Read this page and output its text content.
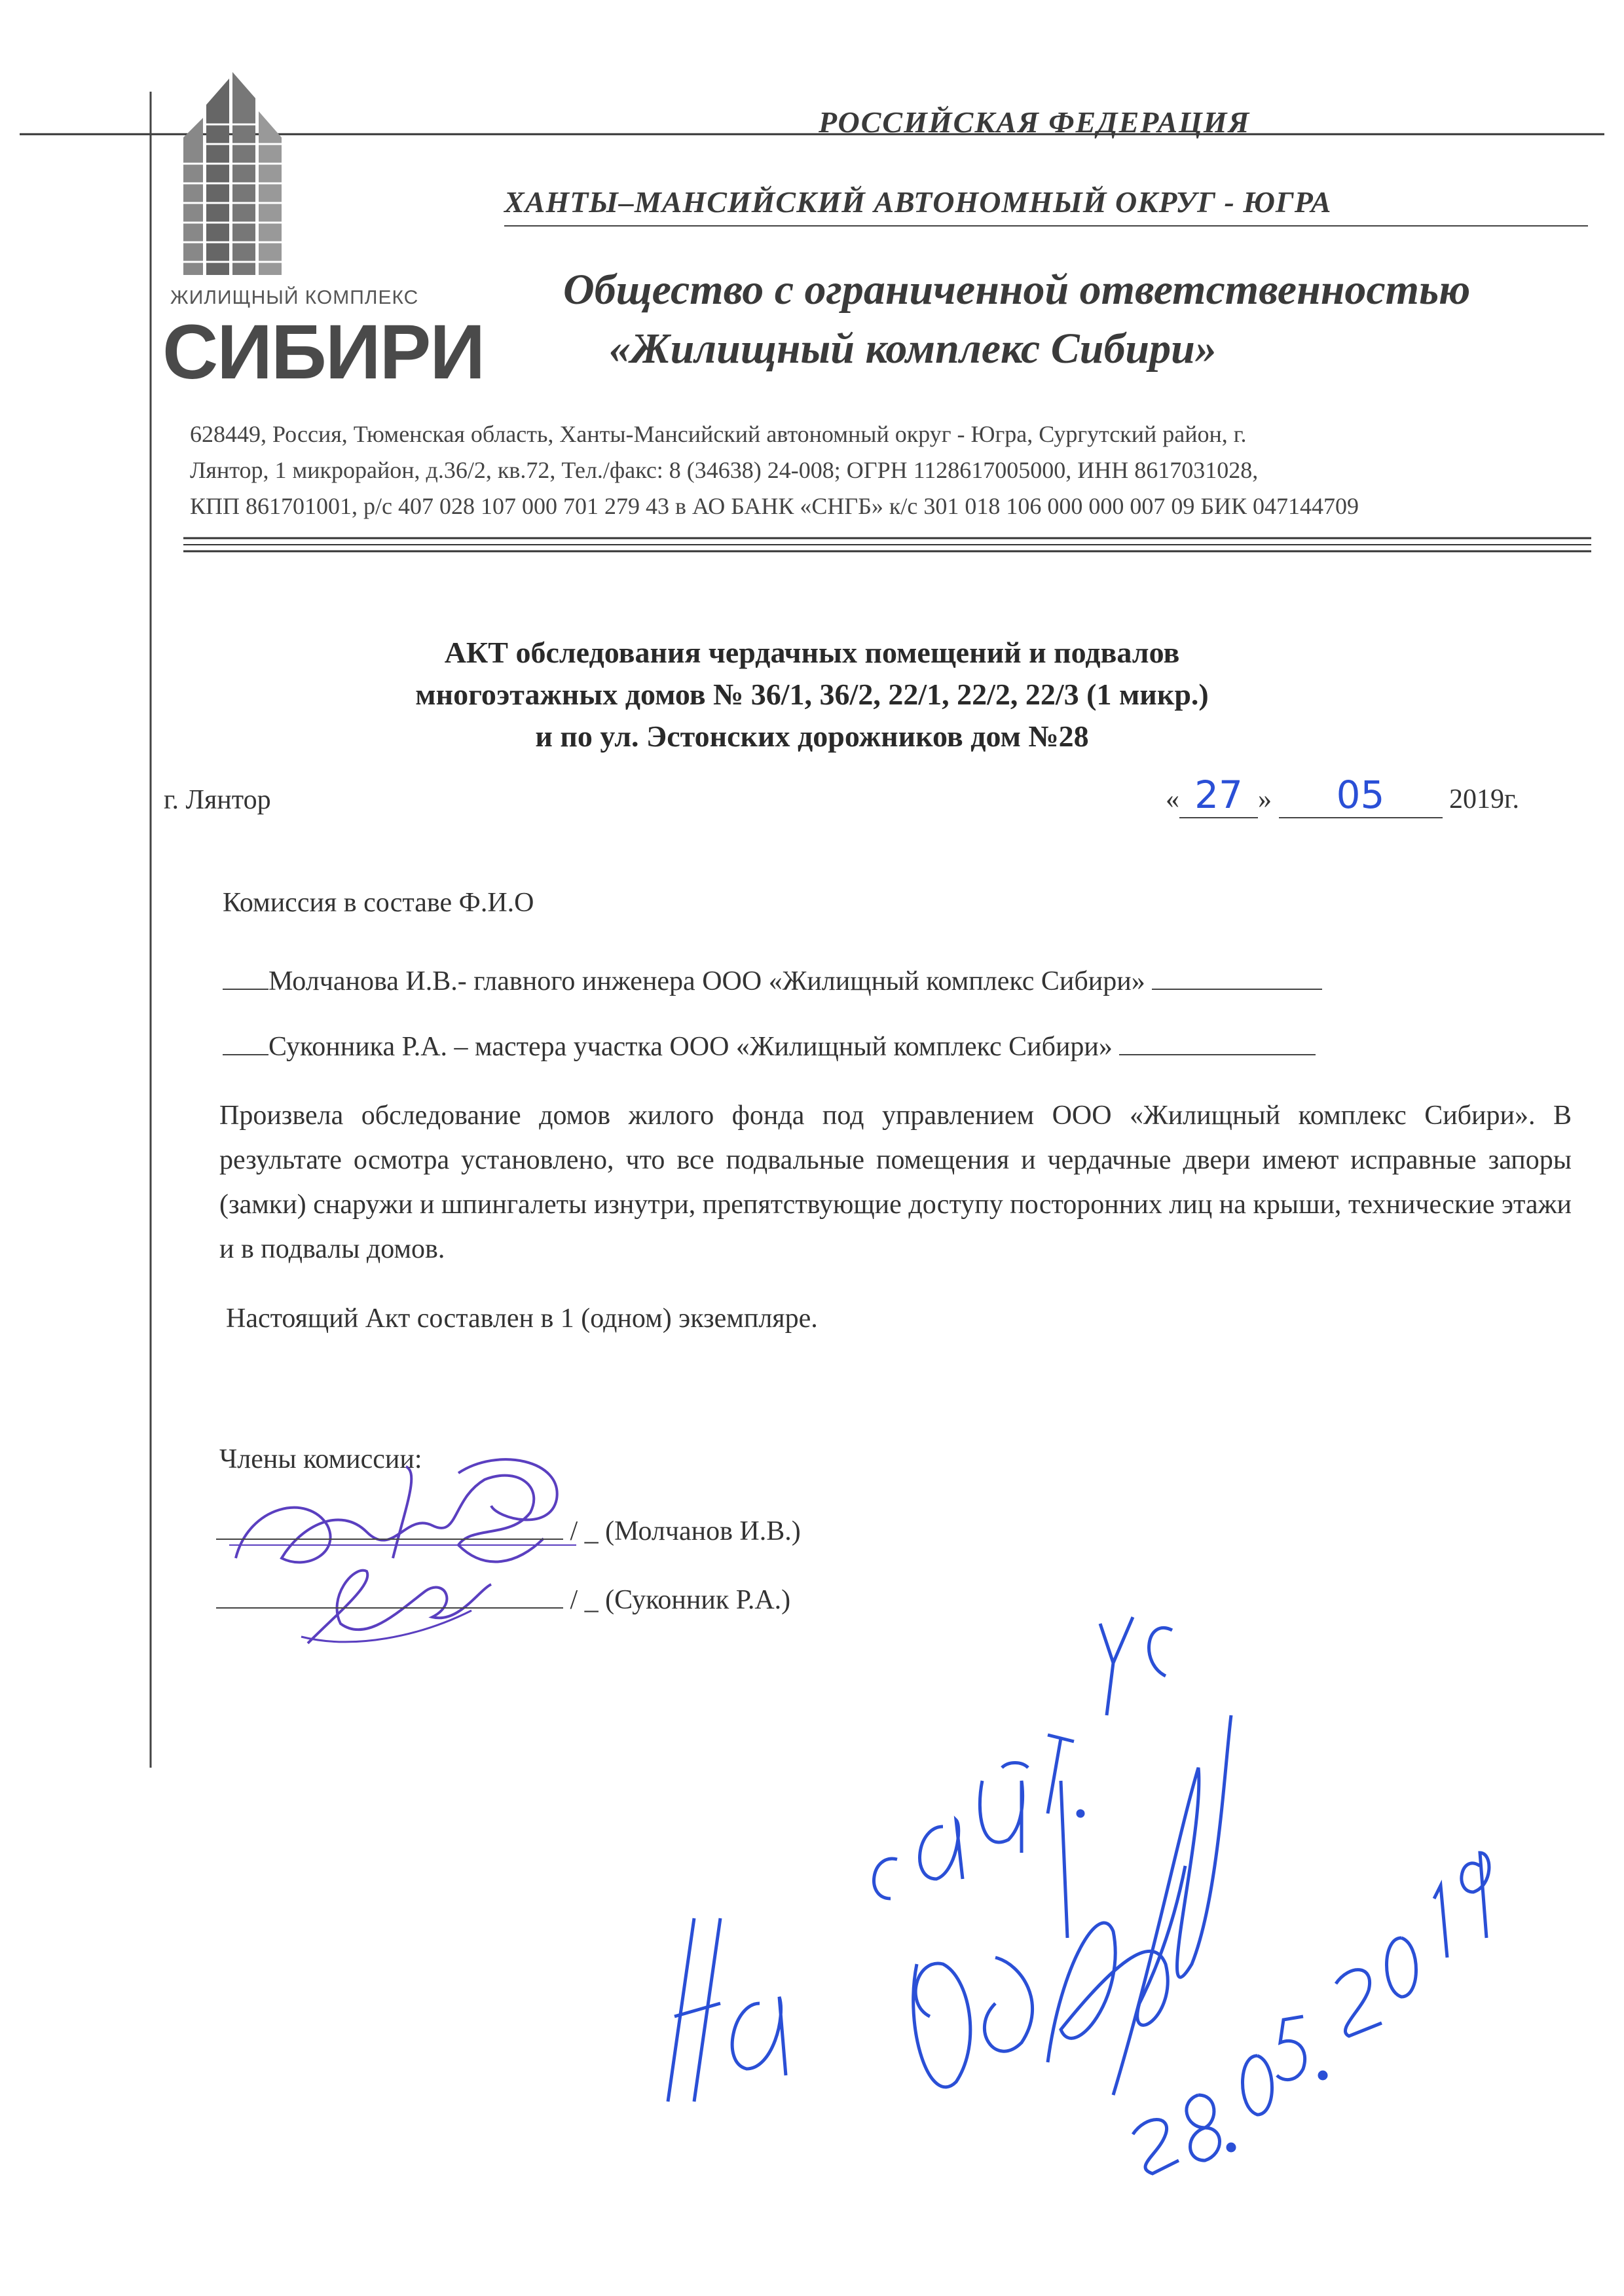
ЖИЛИЩНЫЙ КОМПЛЕКС
СИБИРИ
РОССИЙСКАЯ ФЕДЕРАЦИЯ
ХАНТЫ–МАНСИЙСКИЙ АВТОНОМНЫЙ ОКРУГ - ЮГРА
Общество с ограниченной ответственностью
«Жилищный комплекс Сибири»
628449, Россия, Тюменская область, Ханты-Мансийский автономный округ - Югра, Сургутский район, г.
Лянтор, 1 микрорайон, д.36/2, кв.72, Тел./факс: 8 (34638) 24-008; ОГРН 1128617005000, ИНН 8617031028,
КПП 861701001, р/с 407 028 107 000 701 279 43 в АО БАНК «СНГБ» к/с 301 018 106 000 000 007 09 БИК 047144709
АКТ обследования чердачных помещений и подвалов
многоэтажных домов № 36/1, 36/2, 22/1, 22/2, 22/3 (1 микр.)
и по ул. Эстонских дорожников дом №28
г. Лянтор	« 27 » 05 2019г.
Комиссия в составе Ф.И.О
Молчанова И.В.- главного инженера ООО «Жилищный комплекс Сибири»
Суконника Р.А. – мастера участка ООО «Жилищный комплекс Сибири»
Произвела обследование домов жилого фонда под управлением ООО «Жилищный комплекс Сибири». В результате осмотра установлено, что все подвальные помещения и чердачные двери имеют исправные запоры (замки) снаружи и шпингалеты изнутри, препятствующие доступу посторонних лиц на крыши, технические этажи и в подвалы домов.
Настоящий Акт составлен в 1 (одном) экземпляре.
Члены комиссии:
/ _ (Молчанов И.В.)
/ _ (Суконник Р.А.)
